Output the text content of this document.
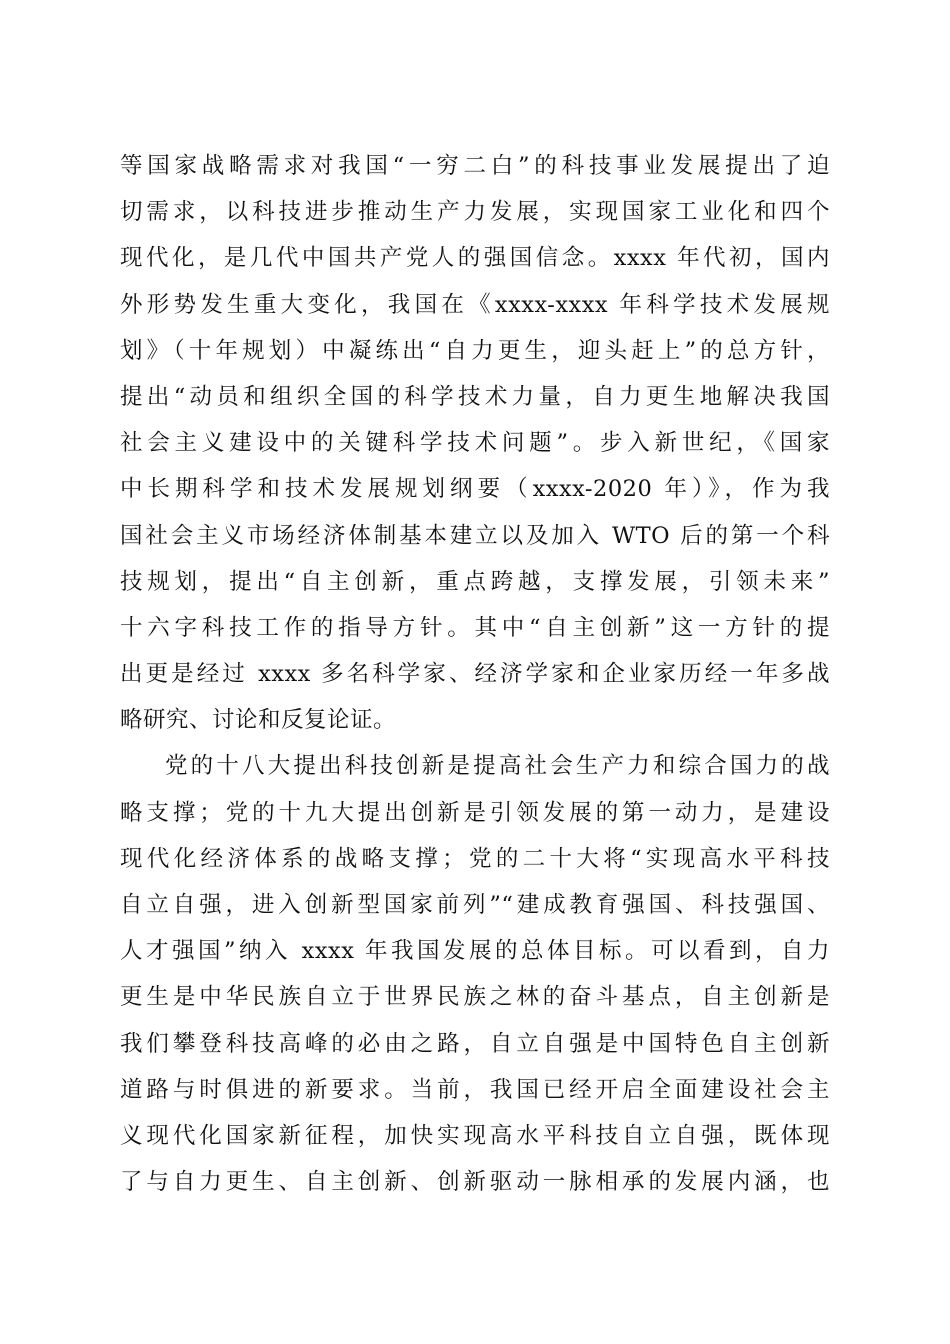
等国家战略需求对我国“一穷二白”的科技事业发展提出了迫
切需求，以科技进步推动生产力发展，实现国家工业化和四个
现代化，是几代中国共产党人的强国信念。xxxx 年代初，国内
外形势发生重大变化，我国在《xxxx-xxxx 年科学技术发展规
划》（十年规划）中凝练出“自力更生，迎头赶上”的总方针，
提出“动员和组织全国的科学技术力量，自力更生地解决我国
社会主义建设中的关键科学技术问题”。步入新世纪，《国家
中长期科学和技术发展规划纲要（xxxx-2020 年）》，作为我
国社会主义市场经济体制基本建立以及加入 WTO 后的第一个科
技规划，提出“自主创新，重点跨越，支撑发展，引领未来”
十六字科技工作的指导方针。其中“自主创新”这一方针的提
出更是经过 xxxx 多名科学家、经济学家和企业家历经一年多战
略研究、讨论和反复论证。
党的十八大提出科技创新是提高社会生产力和综合国力的战
略支撑；党的十九大提出创新是引领发展的第一动力，是建设
现代化经济体系的战略支撑；党的二十大将“实现高水平科技
自立自强，进入创新型国家前列”“建成教育强国、科技强国、
人才强国”纳入 xxxx 年我国发展的总体目标。可以看到，自力
更生是中华民族自立于世界民族之林的奋斗基点，自主创新是
我们攀登科技高峰的必由之路，自立自强是中国特色自主创新
道路与时俱进的新要求。当前，我国已经开启全面建设社会主
义现代化国家新征程，加快实现高水平科技自立自强，既体现
了与自力更生、自主创新、创新驱动一脉相承的发展内涵，也
